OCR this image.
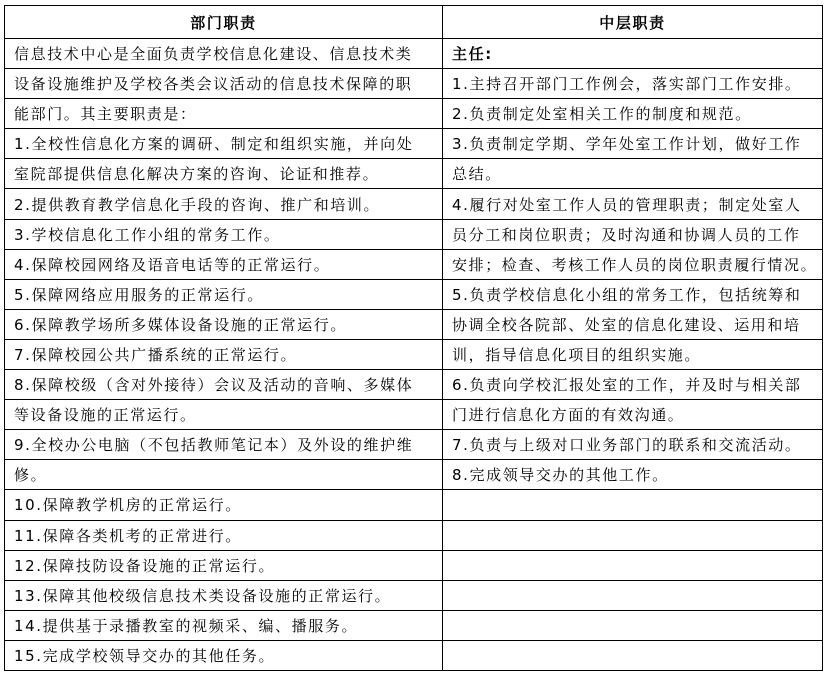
部门职责	中层职责
信息技术中心是全面负责学校信息化建设、信息技术类	主任:
设备设施维护及学校各类会议活动的信息技术保障的职	1.主持召开部门工作例会，落实部门工作安排。
能部门。其主要职责是：	2.负责制定处室相关工作的制度和规范。
1.全校性信息化方案的调研、制定和组织实施，并向处	3.负责制定学期、学年处室工作计划，做好工作
室院部提供信息化解决方案的咨询、论证和推荐。	总结。
2.提供教育教学信息化手段的咨询、推广和培训。	4.履行对处室工作人员的管理职责；制定处室人
3.学校信息化工作小组的常务工作。	员分工和岗位职责；及时沟通和协调人员的工作
4.保障校园网络及语音电话等的正常运行。	安排；检查、考核工作人员的岗位职责履行情况。
5.保障网络应用服务的正常运行。	5.负责学校信息化小组的常务工作，包括统筹和
6.保障教学场所多媒体设备设施的正常运行。	协调全校各院部、处室的信息化建设、运用和培
7.保障校园公共广播系统的正常运行。	训，指导信息化项目的组织实施。
8.保障校级（含对外接待）会议及活动的音响、多媒体	6.负责向学校汇报处室的工作，并及时与相关部
等设备设施的正常运行。	门进行信息化方面的有效沟通。
9.全校办公电脑（不包括教师笔记本）及外设的维护维	7.负责与上级对口业务部门的联系和交流活动。
修。	8.完成领导交办的其他工作。
10.保障教学机房的正常运行。	
11.保障各类机考的正常进行。	
12.保障技防设备设施的正常运行。	
13.保障其他校级信息技术类设备设施的正常运行。	
14.提供基于录播教室的视频采、编、播服务。	
15.完成学校领导交办的其他任务。	
